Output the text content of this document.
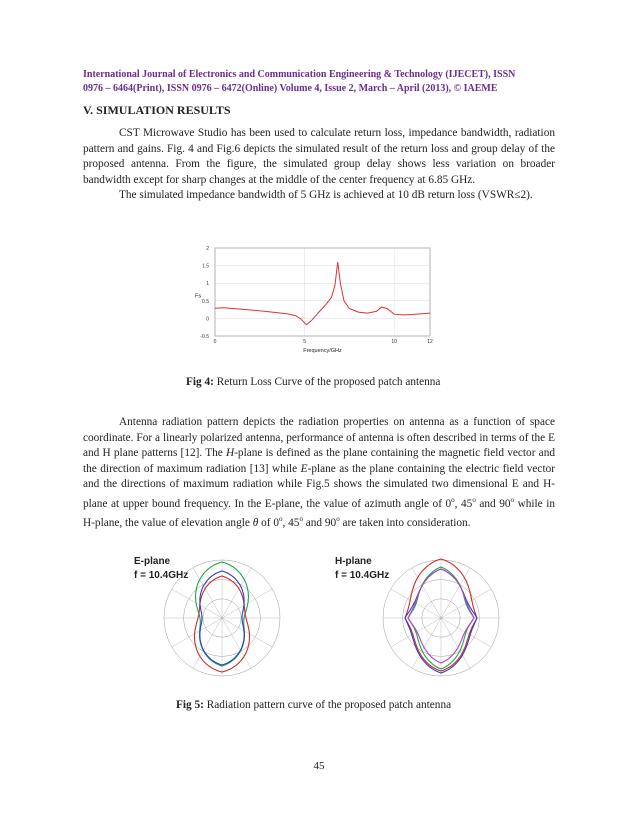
International Journal of Electronics and Communication Engineering & Technology (IJECET), ISSN
0976 – 6464(Print), ISSN 0976 – 6472(Online) Volume 4, Issue 2, March – April (2013), © IAEME
V. SIMULATION RESULTS

CST Microwave Studio has been used to calculate return loss, impedance bandwidth, radiation pattern and gains. Fig. 4 and Fig.6 depicts the simulated result of the return loss and group delay of the proposed antenna. From the figure, the simulated group delay shows less variation on broader bandwidth except for sharp changes at the middle of the center frequency at 6.85 GHz.

The simulated impedance bandwidth of 5 GHz is achieved at 10 dB return loss (VSWR≤2).

2
1.5
1
0.5
0
-0.5
0	5	10	12
Fs
Frequency/GHz
Fig 4: Return Loss Curve of the proposed patch antenna

Antenna radiation pattern depicts the radiation properties on antenna as a function of space coordinate. For a linearly polarized antenna, performance of antenna is often described in terms of the E and H plane patterns [12]. The H-plane is defined as the plane containing the magnetic field vector and the direction of maximum radiation [13] while E-plane as the plane containing the electric field vector and the directions of maximum radiation while Fig.5 shows the simulated two dimensional E and H-plane at upper bound frequency. In the E-plane, the value of azimuth angle of 0$^o$, 45$^o$ and 90$^o$ while in H-plane, the value of elevation angle θ of 0$^o$, 45$^o$ and 90$^o$ are taken into consideration.

E-plane
f = 10.4GHz
H-plane
f = 10.4GHz
Fig 5: Radiation pattern curve of the proposed patch antenna
45
